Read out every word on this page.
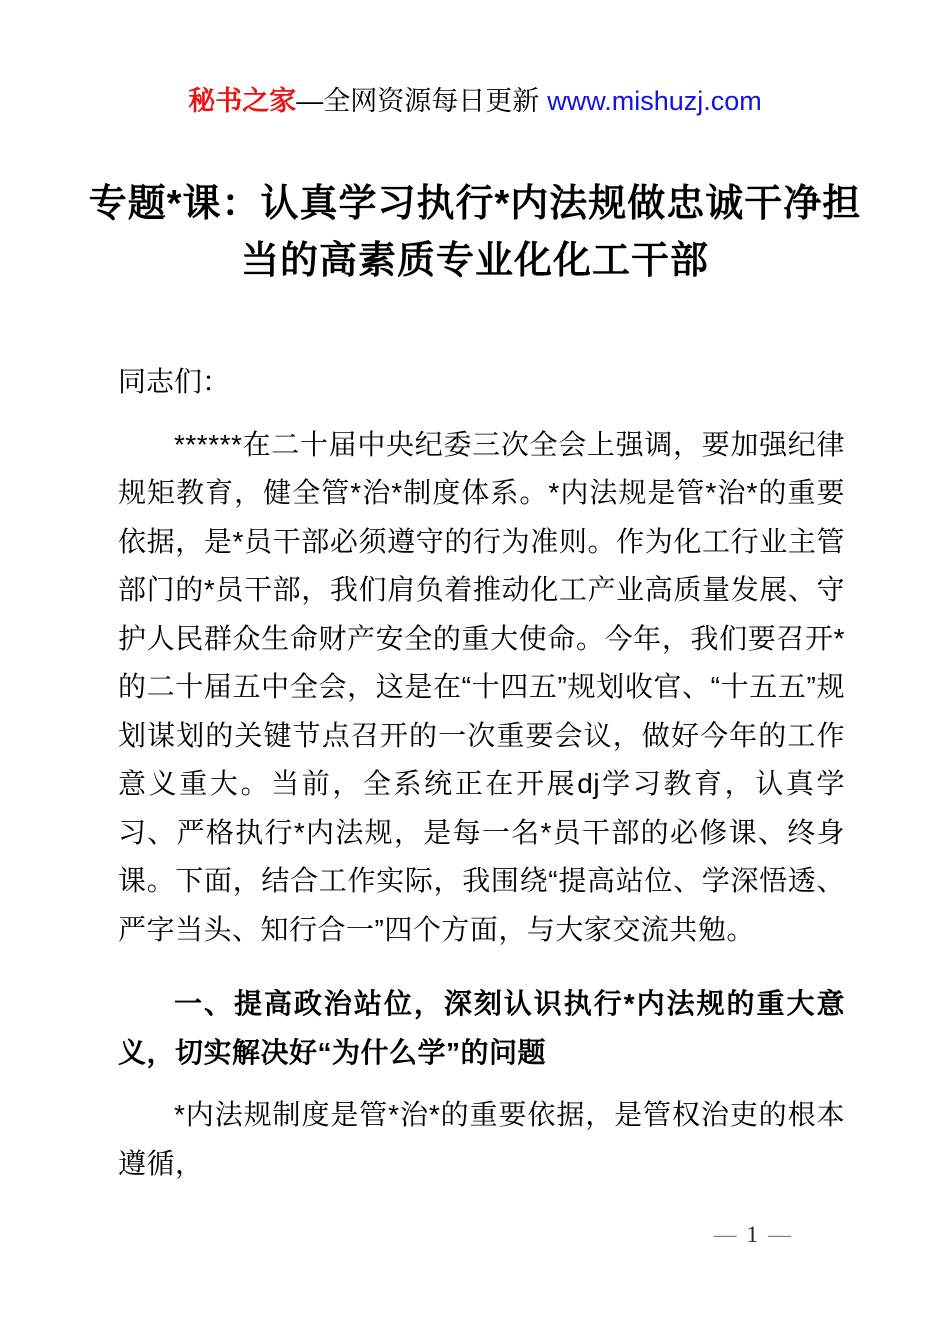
秘书之家—全网资源每日更新 www.mishuzj.com
专题*课：认真学习执行*内法规做忠诚干净担
当的高素质专业化化工干部

同志们：

******在二十届中央纪委三次全会上强调，要加强纪律规矩教育，健全管*治*制度体系。*内法规是管*治*的重要依据，是*员干部必须遵守的行为准则。作为化工行业主管部门的*员干部，我们肩负着推动化工产业高质量发展、守护人民群众生命财产安全的重大使命。今年，我们要召开*的二十届五中全会，这是在“十四五”规划收官、“十五五”规划谋划的关键节点召开的一次重要会议，做好今年的工作意义重大。当前，全系统正在开展dj学习教育，认真学习、严格执行*内法规，是每一名*员干部的必修课、终身课。下面，结合工作实际，我围绕“提高站位、学深悟透、严字当头、知行合一”四个方面，与大家交流共勉。

一、提高政治站位，深刻认识执行*内法规的重大意义，切实解决好“为什么学”的问题

*内法规制度是管*治*的重要依据，是管权治吏的根本遵循，

— 1 —
